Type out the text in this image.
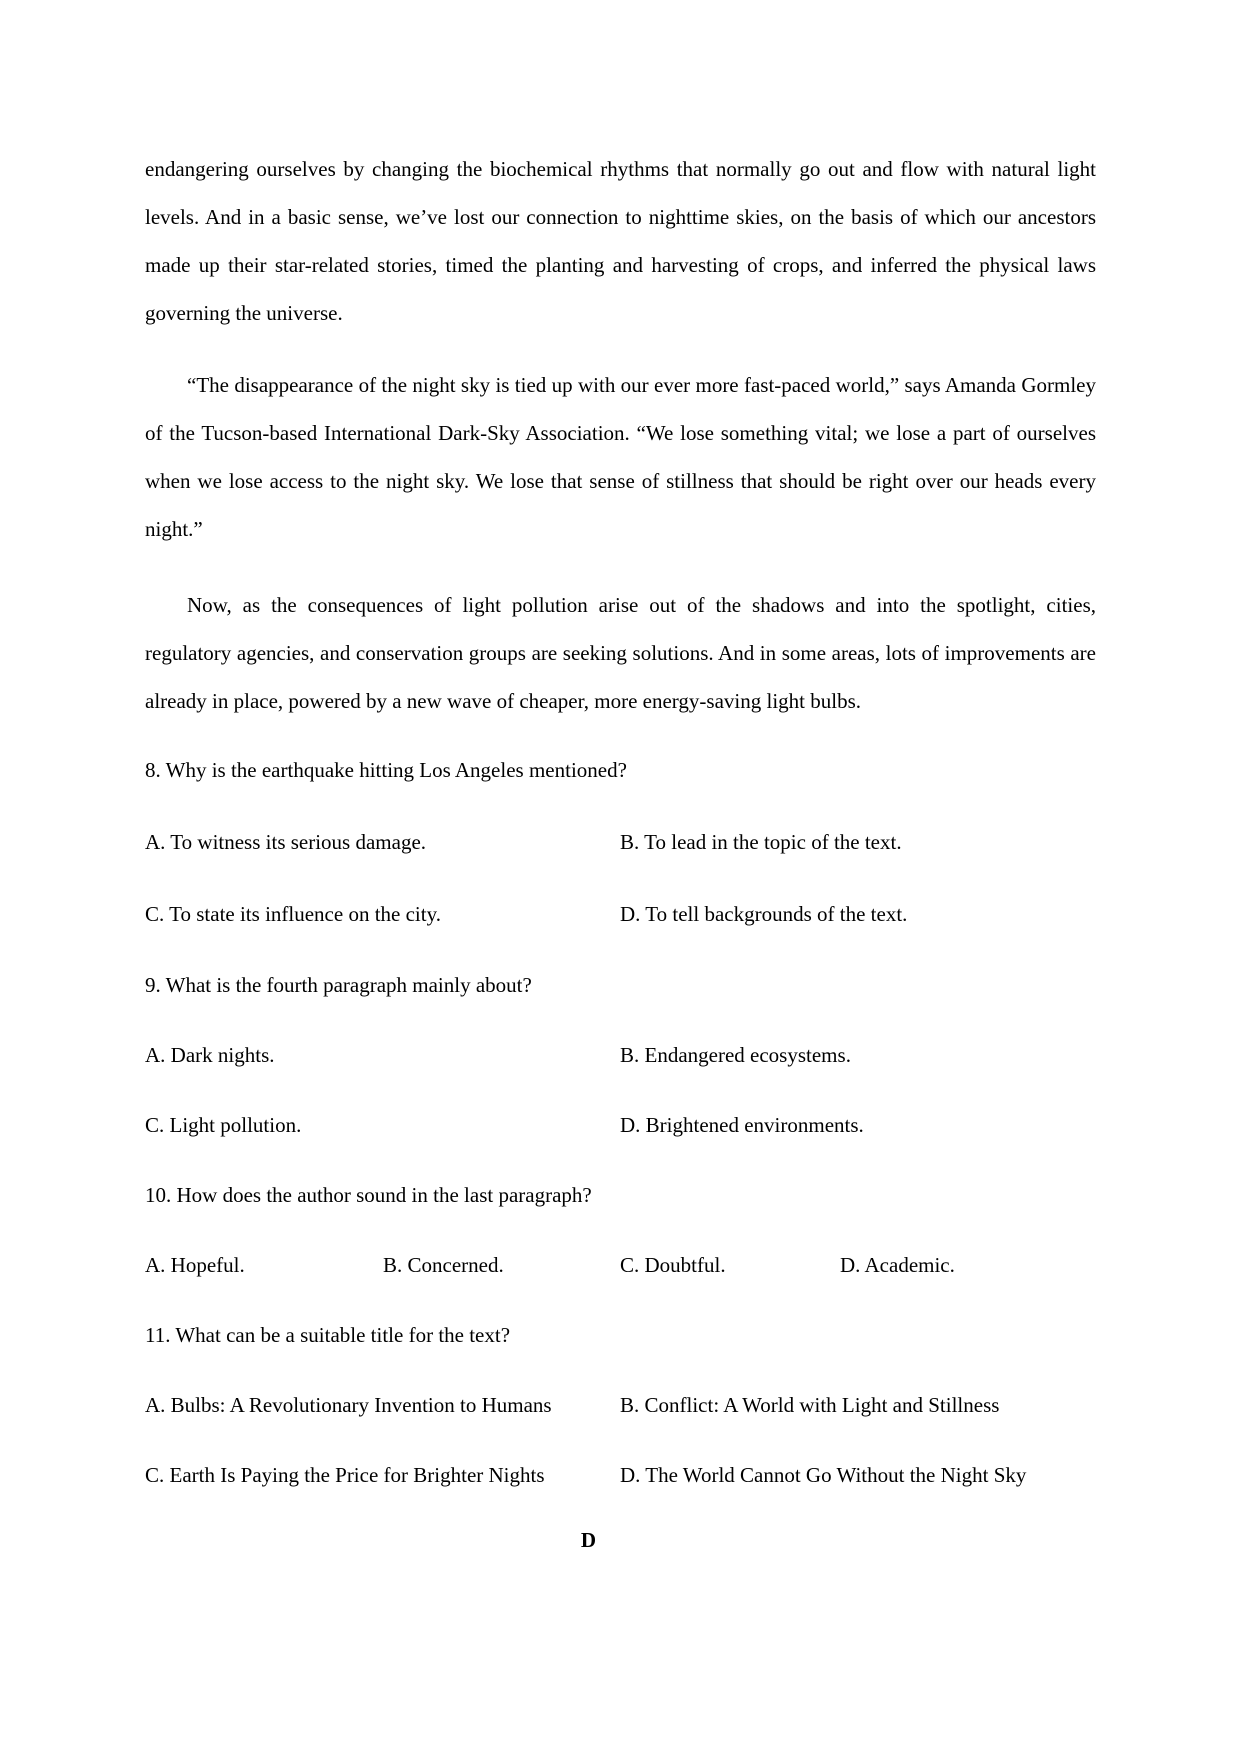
endangering ourselves by changing the biochemical rhythms that normally go out and flow with natural light levels. And in a basic sense, we’ve lost our connection to nighttime skies, on the basis of which our ancestors made up their star-related stories, timed the planting and harvesting of crops, and inferred the physical laws governing the universe.
“The disappearance of the night sky is tied up with our ever more fast-paced world,” says Amanda Gormley of the Tucson-based International Dark-Sky Association. “We lose something vital; we lose a part of ourselves when we lose access to the night sky. We lose that sense of stillness that should be right over our heads every night.”
Now, as the consequences of light pollution arise out of the shadows and into the spotlight, cities, regulatory agencies, and conservation groups are seeking solutions. And in some areas, lots of improvements are already in place, powered by a new wave of cheaper, more energy-saving light bulbs.
8. Why is the earthquake hitting Los Angeles mentioned?
A. To witness its serious damage.	B. To lead in the topic of the text.
C. To state its influence on the city.	D. To tell backgrounds of the text.
9. What is the fourth paragraph mainly about?
A. Dark nights.	B. Endangered ecosystems.
C. Light pollution.	D. Brightened environments.
10. How does the author sound in the last paragraph?
A. Hopeful.	B. Concerned.	C. Doubtful.	D. Academic.
11. What can be a suitable title for the text?
A. Bulbs: A Revolutionary Invention to Humans	B. Conflict: A World with Light and Stillness
C. Earth Is Paying the Price for Brighter Nights	D. The World Cannot Go Without the Night Sky
D
